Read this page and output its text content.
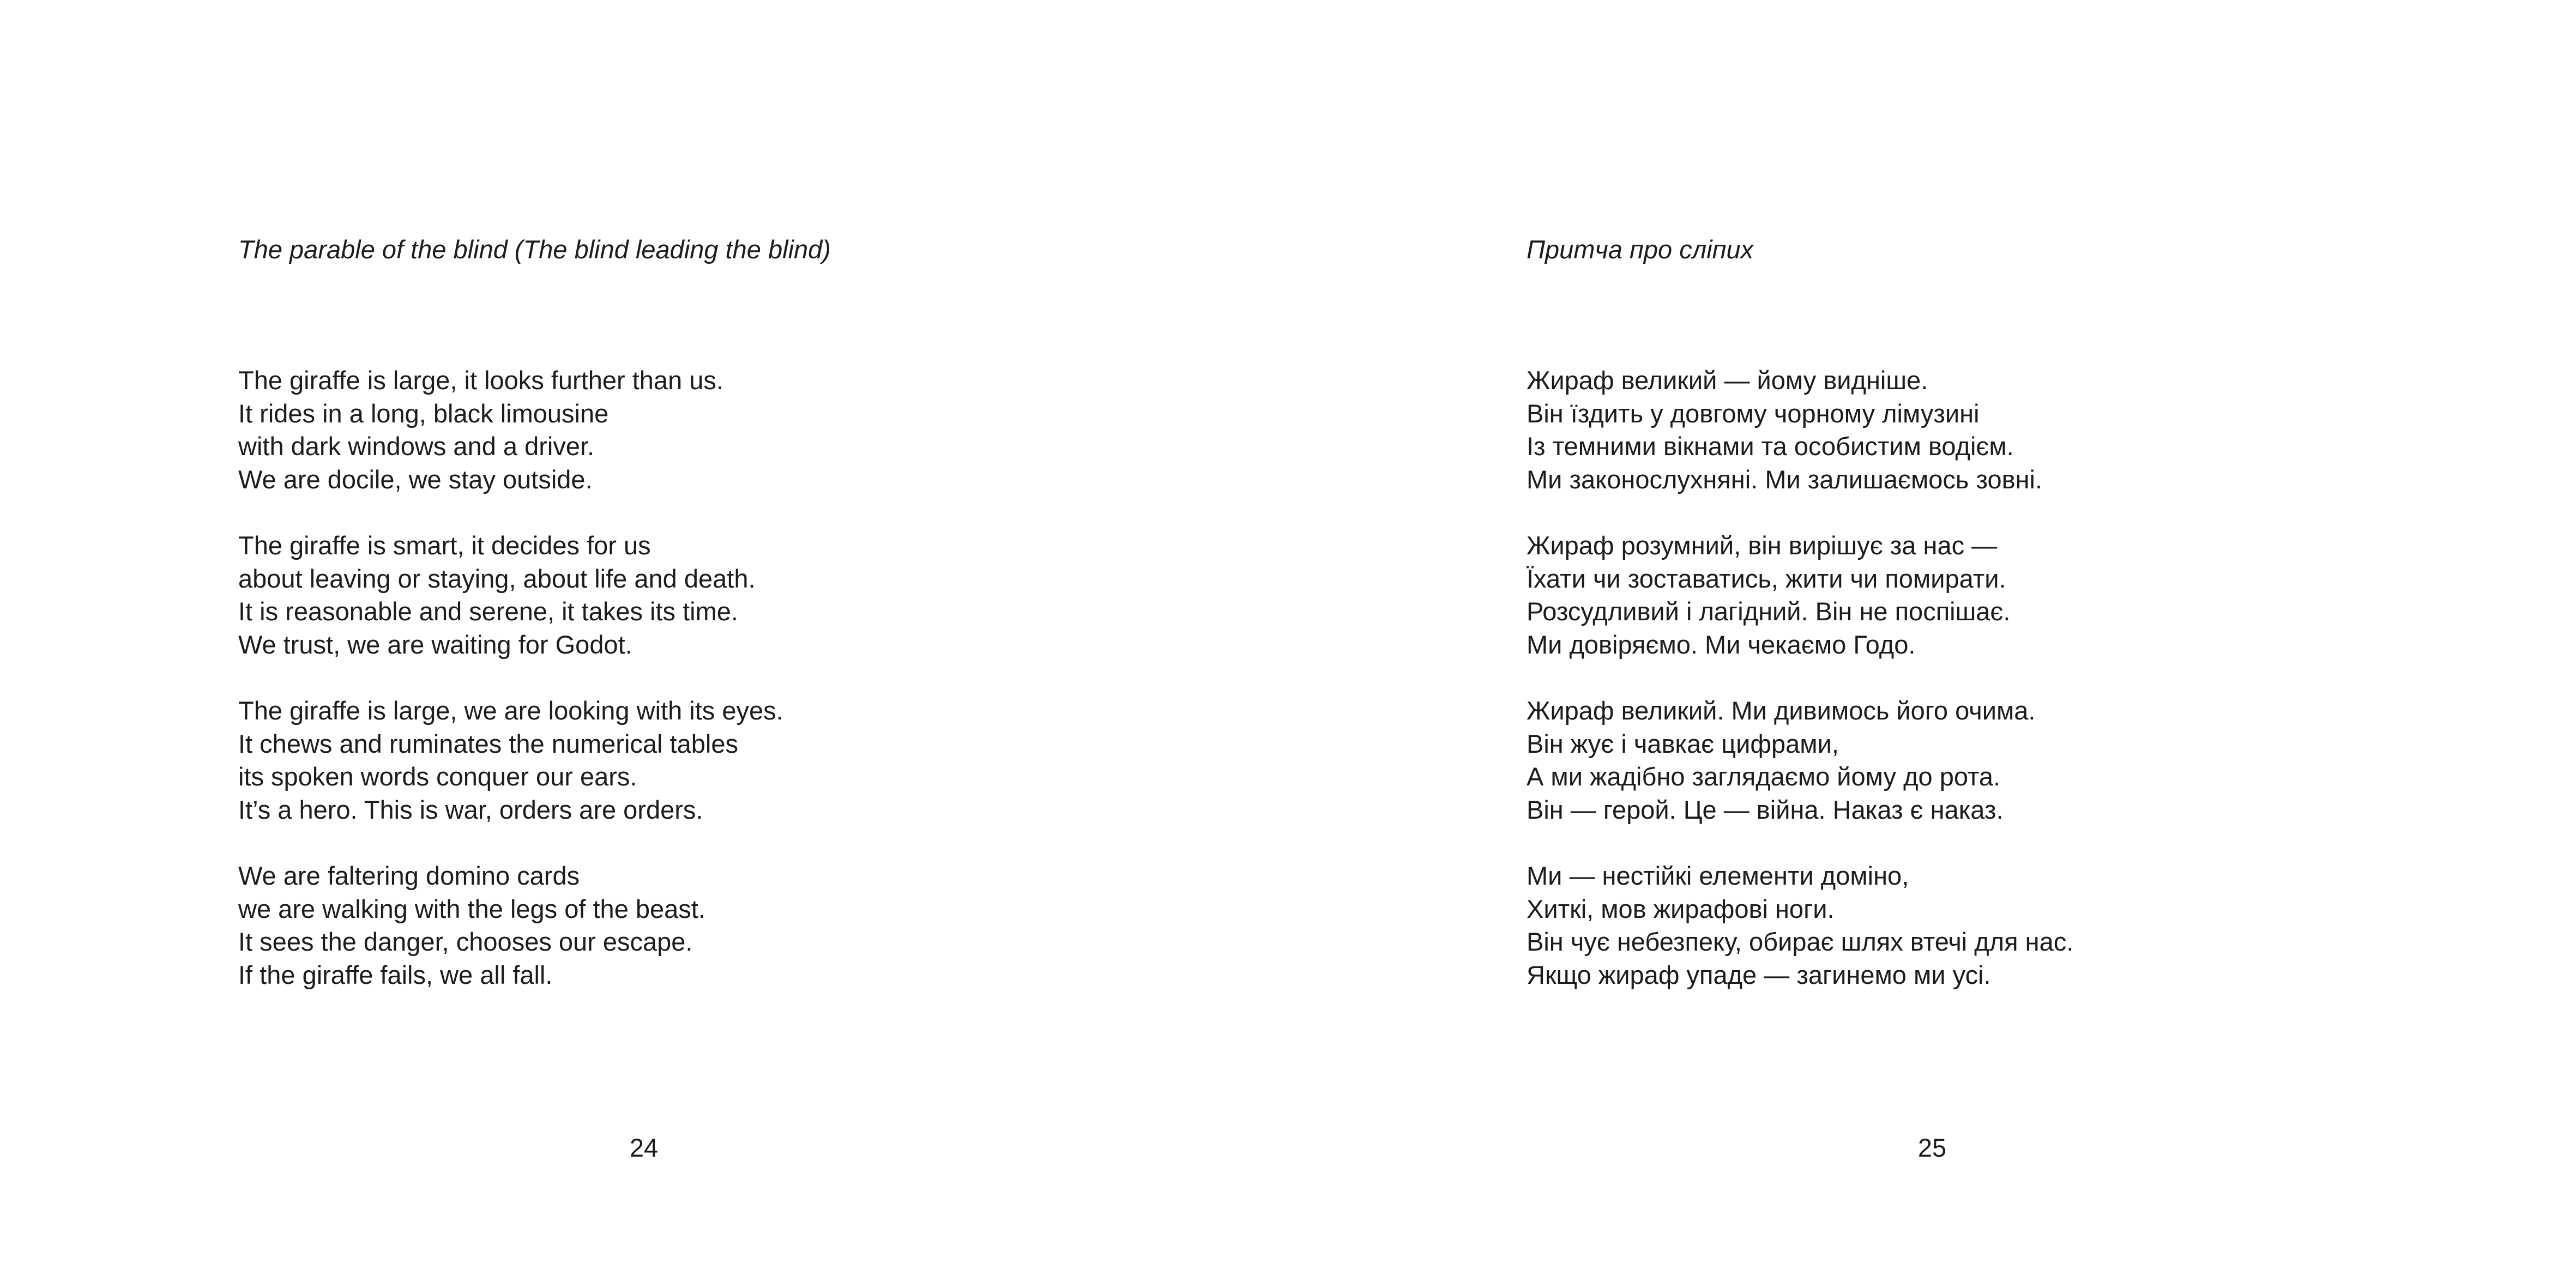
The parable of the blind (The blind leading the blind)
The giraffe is large, it looks further than us.
It rides in a long, black limousine
with dark windows and a driver.
We are docile, we stay outside.
The giraffe is smart, it decides for us
about leaving or staying, about life and death.
It is reasonable and serene, it takes its time.
We trust, we are waiting for Godot.
The giraffe is large, we are looking with its eyes.
It chews and ruminates the numerical tables
its spoken words conquer our ears.
It’s a hero. This is war, orders are orders.
We are faltering domino cards
we are walking with the legs of the beast.
It sees the danger, chooses our escape.
If the giraffe fails, we all fall.
24
Притча про сліпих
Жираф великий — йому видніше.
Він їздить у довгому чорному лімузині
Із темними вікнами та особистим водієм.
Ми законослухняні. Ми залишаємось зовні.
Жираф розумний, він вирішує за нас —
Їхати чи зоставатись, жити чи помирати.
Розсудливий і лагідний. Він не поспішає.
Ми довіряємо. Ми чекаємо Годо.
Жираф великий. Ми дивимось його очима.
Він жує і чавкає цифрами,
А ми жадібно заглядаємо йому до рота.
Він — герой. Це — війна. Наказ є наказ.
Ми — нестійкі елементи доміно,
Хиткі, мов жирафові ноги.
Він чує небезпеку, обирає шлях втечі для нас.
Якщо жираф упаде — загинемо ми усі.
25
